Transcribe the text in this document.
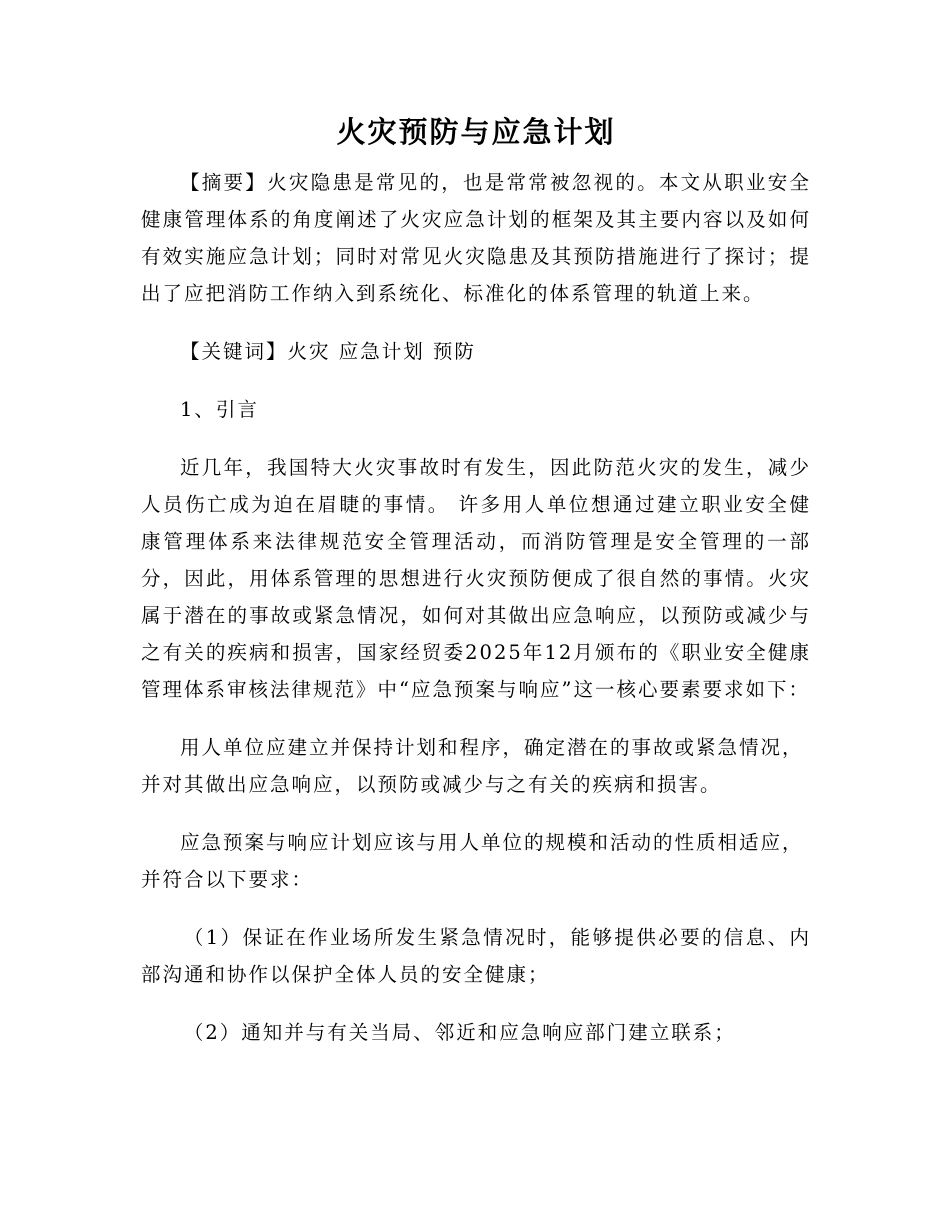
火灾预防与应急计划

【摘要】火灾隐患是常见的，也是常常被忽视的。本文从职业安全健康管理体系的角度阐述了火灾应急计划的框架及其主要内容以及如何有效实施应急计划；同时对常见火灾隐患及其预防措施进行了探讨；提出了应把消防工作纳入到系统化、标准化的体系管理的轨道上来。

【关键词】火灾 应急计划 预防

1、引言

近几年，我国特大火灾事故时有发生，因此防范火灾的发生，减少人员伤亡成为迫在眉睫的事情。 许多用人单位想通过建立职业安全健康管理体系来法律规范安全管理活动，而消防管理是安全管理的一部分，因此，用体系管理的思想进行火灾预防便成了很自然的事情。火灾属于潜在的事故或紧急情况，如何对其做出应急响应，以预防或减少与之有关的疾病和损害，国家经贸委2025年12月颁布的《职业安全健康管理体系审核法律规范》中“应急预案与响应”这一核心要素要求如下：

用人单位应建立并保持计划和程序，确定潜在的事故或紧急情况，并对其做出应急响应，以预防或减少与之有关的疾病和损害。

应急预案与响应计划应该与用人单位的规模和活动的性质相适应，并符合以下要求：

（1）保证在作业场所发生紧急情况时，能够提供必要的信息、内部沟通和协作以保护全体人员的安全健康；

（2）通知并与有关当局、邻近和应急响应部门建立联系；
